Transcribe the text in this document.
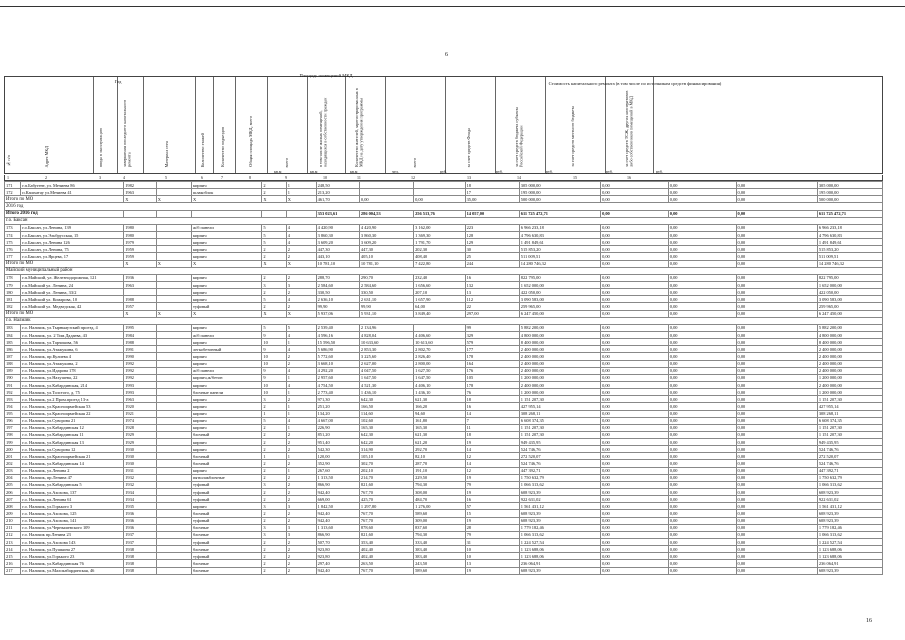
6
Год
Площадь помещений МКД
Стоимость капитального ремонта (в том числе по источникам средств финансирования)
№ п/п	Адрес МКД	ввода в эксплуатацию	завершения последнего капитального ремонта	Материал стен	Количество этажей	Количество подъездов	Общая площадь МКД, всего	всего	в том числе жилых помещений, находящихся в собственности граждан	Количество жителей, зарегистрированных в МКД на дату утверждения программы	всего	за счет средств Фонда	за счет средств бюджета субъекта Российской Федерации	за счет средств местного бюджета	за счет средств ТСЖ, других кооперативов либо собственников помещений в МКД
кв.м	кв.м	кв.м	чел.	руб.	руб.	руб.	руб.	руб.
1	2	3	4	5	6	7	8	9	10	11	12	13	14	15	16
171	г.п.Бабугент, ул. Мечиева 86	1982		кирпич	2	1	248,50			18	305 000,00	0,00	0,00	0,00	305 000,00
172	п.Кашхатау ул.Мечиева 41	1963		шлакоблок	2	1	213,20			17	195 000,00	0,00	0,00	0,00	195 000,00
Итого по МО		X	X	X	X	X	461,70	0,00	0,00	35,00	500 000,00	0,00	0,00	0,00	500 000,00
2016 год															
Итого 2016 год							353 023,61	286 004,53	256 513,76	14 057,00	611 725 472,71	0,00	0,00	0,00	611 725 472,71
г.о. Баксан															
173	г.о.Баксан, ул.Ленина, 139	1980		ж/б панели	5	4	4 420,90	4 420,90	3 162,00	223	6 966 233,18	0,00	0,00	0,00	6 966 233,18
174	г.о.Баксан, ул.Эльбрусская, 15	1980		кирпич	5	4	3 860,30	3 860,30	1 369,30	128	4 796 630,83	0,00	0,00	0,00	4 796 630,83
175	г.о.Баксан, ул.Ленина 126	1979		кирпич	5	4	3 609,20	3 609,20	1 791,70	129	1 491 849,61	0,00	0,00	0,00	1 491 849,61
176	г.о.Баксан, ул.Ленина, 75	1959		кирпич	2	2	447,30	447,30	202,30	30	515 853,20	0,00	0,00	0,00	515 853,20
177	г.о.Баксан, ул.Ярцева, 17	1959		кирпич	2	2	443,10	405,10	408,40	25	511 009,51	0,00	0,00	0,00	511 009,51
Итого по МО		X	X	X	X	X	10 781,10	10 781,10	7 422,80	244	14 280 746,32	0,00	0,00	0,00	14 280 746,32
Майский муниципальный район															
178	г.п.Майский, ул. Железнодорожная, 121	1936		кирпич	2	2	288,70	290,70	232,40	16	822 795,00	0,00	0,00	0,00	822 795,00
179	г.п.Майский ул. Ленина, 24	1963		кирпич	3	3	2 584,60	2 584,60	1 656,60	132	1 652 000,00	0,00	0,00	0,00	1 652 000,00
180	г.п.Майский ул. Ленина, 33/2			кирпич	2	2	330,50	330,50	207,10	13	422 050,00	0,00	0,00	0,00	422 050,00
181	г.п.Майский ул. Комарова, 10	1988		кирпич	5	4	2 636,10	2 631,10	1 657,90	112	3 090 583,00	0,00	0,00	0,00	3 090 583,00
182	г.п.Майский ул. Медведская, 42	1957		туфовый	2	2	99,90	99,90	64,00	22	259 965,00	0,00	0,00	0,00	259 965,00
Итого по МО		X	X	X	X	X	5 937,06	5 931,10	3 849,40	297,00	6 247 450,00	0,00	0,00	0,00	6 247 450,00
г.о. Нальчик															
183	г.о. Нальчик, ул.Тырныаузский проезд, 4	1995		кирпич	5	5	2 539,40	2 134,96		99	5 882 200,00	0,00	0,00	0,00	5 882 200,00
184	г.о. Нальчик, ул. 2 Тим.Дадаева, 43	1984		ж/б панели	9	4	4 596,16	4 828,04	4 406,60	329	4 800 000,00	0,00	0,00	0,00	4 800 000,00
185	г.о. Нальчик, ул.Тарчокова, 56	1988		кирпич	10	1	15 596,50	10 633,60	10 613,60	579	8 400 000,00	0,00	0,00	0,00	8 400 000,00
186	г.о. Нальчик, ул.Атажукина, 6	1991		легкобетонный	9	4	5 686,90	2 853,30	2 802,70	177	2 400 000,00	0,00	0,00	0,00	2 400 000,00
187	г.о. Нальчик, пр.Кулиева 4	1990		кирпич	10	2	5 772,60	3 225,60	2 826,40	178	2 400 000,00	0,00	0,00	0,00	2 400 000,00
188	г.о. Нальчик, ул.Атажукина, 2	1992		кирпич	10	2	3 668,10	2 627,00	2 800,00	164	2 400 000,00	0,00	0,00	0,00	2 400 000,00
189	г.о. Нальчик, ул.Идарова 178	1992		ж/б панели	9	4	4 292,20	4 047,50	1 627,50	176	2 400 000,00	0,00	0,00	0,00	2 400 000,00
190	г.о. Нальчик, ул.Нахушева, 22	1992		кирпич,ж/бетон	9	1	2 957,60	1 647,50	1 647,50	105	1 200 000,00	0,00	0,00	0,00	1 200 000,00
191	г.о. Нальчик, ул.Кабардинская, 214	1993		кирпич	10	4	4 754,50	4 521,30	4 406,10	178	2 400 000,00	0,00	0,00	0,00	2 400 000,00
192	г.о. Нальчик, ул.Толстого, д. 75	1993		блочные панели	10	1	2 773,40	1 436,10	1 436,10	76	1 200 000,00	0,00	0,00	0,00	1 200 000,00
193	г.о. Нальчик, ул.2 Пром.проезд 13-а	1963		кирпич	3	2	971,30	642,30	621,30	18	1 151 207,30	0,00	0,00	0,00	1 151 207,30
194	г.о. Нальчик, ул.Красноармейская 53	1920		кирпич	2	1	251,20	166,50	166,20	16	427 955,14	0,00	0,00	0,00	427 955,14
195	г.о. Нальчик, ул.Красноармейская 22	1921		кирпич	1	1	134,20	114,60	94,60	14	308 268,11	0,00	0,00	0,00	308 268,11
196	г.о. Нальчик, ул.Суворова 21	1974		кирпич	5	4	4 667,00	102,60	161,80	7	6 608 374,35	0,00	0,00	0,00	6 608 374,35
197	г.о. Нальчик, ул.Кабардинская 12	1928		кирпич	2	1	226,90	165,30	165,30	11	1 151 207,30	0,00	0,00	0,00	1 151 207,30
198	г.о. Нальчик, ул.Кабардинская 11	1929		блочный	2	2	851,20	642,30	621,30	18	1 151 207,30	0,00	0,00	0,00	1 151 207,30
199	г.о. Нальчик, ул.Кабардинская 13	1929		кирпич	2	2	951,40	642,20	621,20	19	949 435,95	0,00	0,00	0,00	949 435,95
200	г.о. Нальчик, ул.Суворова 12	1930		кирпич	2	2	542,30	314,90	292,70	14	524 746,76	0,00	0,00	0,00	524 746,76
201	г.о. Нальчик, ул.Красноармейская 21	1930		блочный	1	1	120,00	105,10	82,10	12	272 520,07	0,00	0,00	0,00	272 520,07
202	г.о. Нальчик, ул.Кабардинская 14	1930		блочный	2	2	352,90	302,70	287,70	14	524 746,76	0,00	0,00	0,00	524 746,76
203	г.о. Нальчик, ул.Ленина 2	1931		кирпич	2	1	267,60	202,10	191,10	12	447 392,71	0,00	0,00	0,00	447 392,71
204	г.о. Нальчик, пр.Ленина 47	1932		пятшлакблочные	2	2	1 313,50	214,70	229,50	19	1 750 632,79	0,00	0,00	0,00	1 750 632,79
205	г.о. Нальчик, ул.Кабардинская 5	1932		туфовый	3	2	866,90	821,60	794,30	79	1 066 313,62	0,00	0,00	0,00	1 066 313,62
206	г.о. Нальчик, ул.Ахохова, 137	1934		туфовый	2	2	942,40	767,70	308,00	19	608 923,39	0,00	0,00	0,00	608 923,39
207	г.о. Нальчик, ул.Ленина 61	1934		туфовый	2	2	669,00	425,70	484,70	16	922 631,02	0,00	0,00	0,00	922 631,02
208	г.о. Нальчик, ул.Горького 3	1935		кирпич	3	3	1 842,50	1 297,80	1 276,00	57	1 561 431,12	0,00	0,00	0,00	1 561 431,12
209	г.о. Нальчик, ул.Ахохова, 125	1936		блочный	2	2	942,40	767,70	589,60	15	608 923,39	0,00	0,00	0,00	608 923,39
210	г.о. Нальчик, ул.Ахохова, 141	1936		туфовый	2	2	942,40	767,70	309,00	19	608 923,39	0,00	0,00	0,00	608 923,39
211	г.о. Нальчик, ул.Чернышевского 109	1936		блочные	3	3	1 313,60	878,60	837,60	28	1 779 182,46	0,00	0,00	0,00	1 779 182,46
212	г.о. Нальчик пр.Ленина 23	1937		блочные	3	3	866,90	821,60	794,30	79	1 066 313,62	0,00	0,00	0,00	1 066 313,62
213	г.о. Нальчик, ул.Ахохова 143	1937		туфовый	2	2	507,70	353,40	333,40	31	1 224 527,54	0,00	0,00	0,00	1 224 527,54
214	г.о. Нальчик, ул.Пушкина 27	1938		блочные	2	2	923,80	402,40	383,40	10	1 123 688,06	0,00	0,00	0,00	1 123 688,06
215	г.о. Нальчик, ул.Горького 23	1938		туфовый	2	2	923,80	402,40	383,40	10	1 123 688,06	0,00	0,00	0,00	1 123 688,06
216	г.о. Нальчик, ул.Кабардинская 76	1938		блочные	2	2	297,40	263,50	243,50	13	236 064,91	0,00	0,00	0,00	236 064,91
217	г.о. Нальчик, ул.Малокабардинская, 46	1938		блочные	2	2	942,40	767,70	589,60	19	608 923,39	0,00	0,00	0,00	608 923,39
16
